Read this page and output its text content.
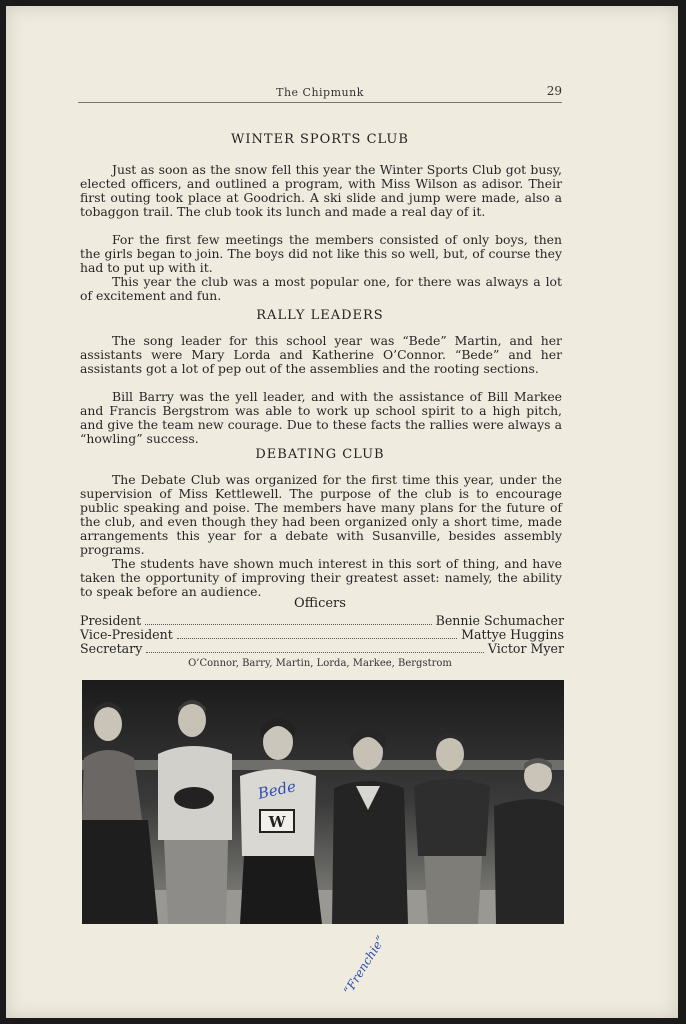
The Chipmunk	29
WINTER SPORTS CLUB

Just as soon as the snow fell this year the Winter Sports Club got busy, elected officers, and outlined a program, with Miss Wilson as adisor. Their first outing took place at Goodrich. A ski slide and jump were made, also a tobaggon trail. The club took its lunch and made a real day of it.

For the first few meetings the members consisted of only boys, then the girls began to join. The boys did not like this so well, but, of course they had to put up with it.

This year the club was a most popular one, for there was always a lot of excitement and fun.

RALLY LEADERS

The song leader for this school year was “Bede” Martin, and her assistants were Mary Lorda and Katherine O’Connor. “Bede” and her assistants got a lot of pep out of the assemblies and the rooting sections.

Bill Barry was the yell leader, and with the assistance of Bill Markee and Francis Bergstrom was able to work up school spirit to a high pitch, and give the team new courage. Due to these facts the rallies were always a “howling” success.

DEBATING CLUB

The Debate Club was organized for the first time this year, under the supervision of Miss Kettlewell. The purpose of the club is to encourage public speaking and poise. The members have many plans for the future of the club, and even though they had been organized only a short time, made arrangements this year for a debate with Susanville, besides assembly programs.

The students have shown much interest in this sort of thing, and have taken the opportunity of improving their greatest asset: namely, the ability to speak before an audience.

Officers
President	Bennie Schumacher
Vice-President	Mattye Huggins
Secretary	Victor Myer
O’Connor, Barry, Martin, Lorda, Markee, Bergstrom
W
Bede
“Frenchie”
